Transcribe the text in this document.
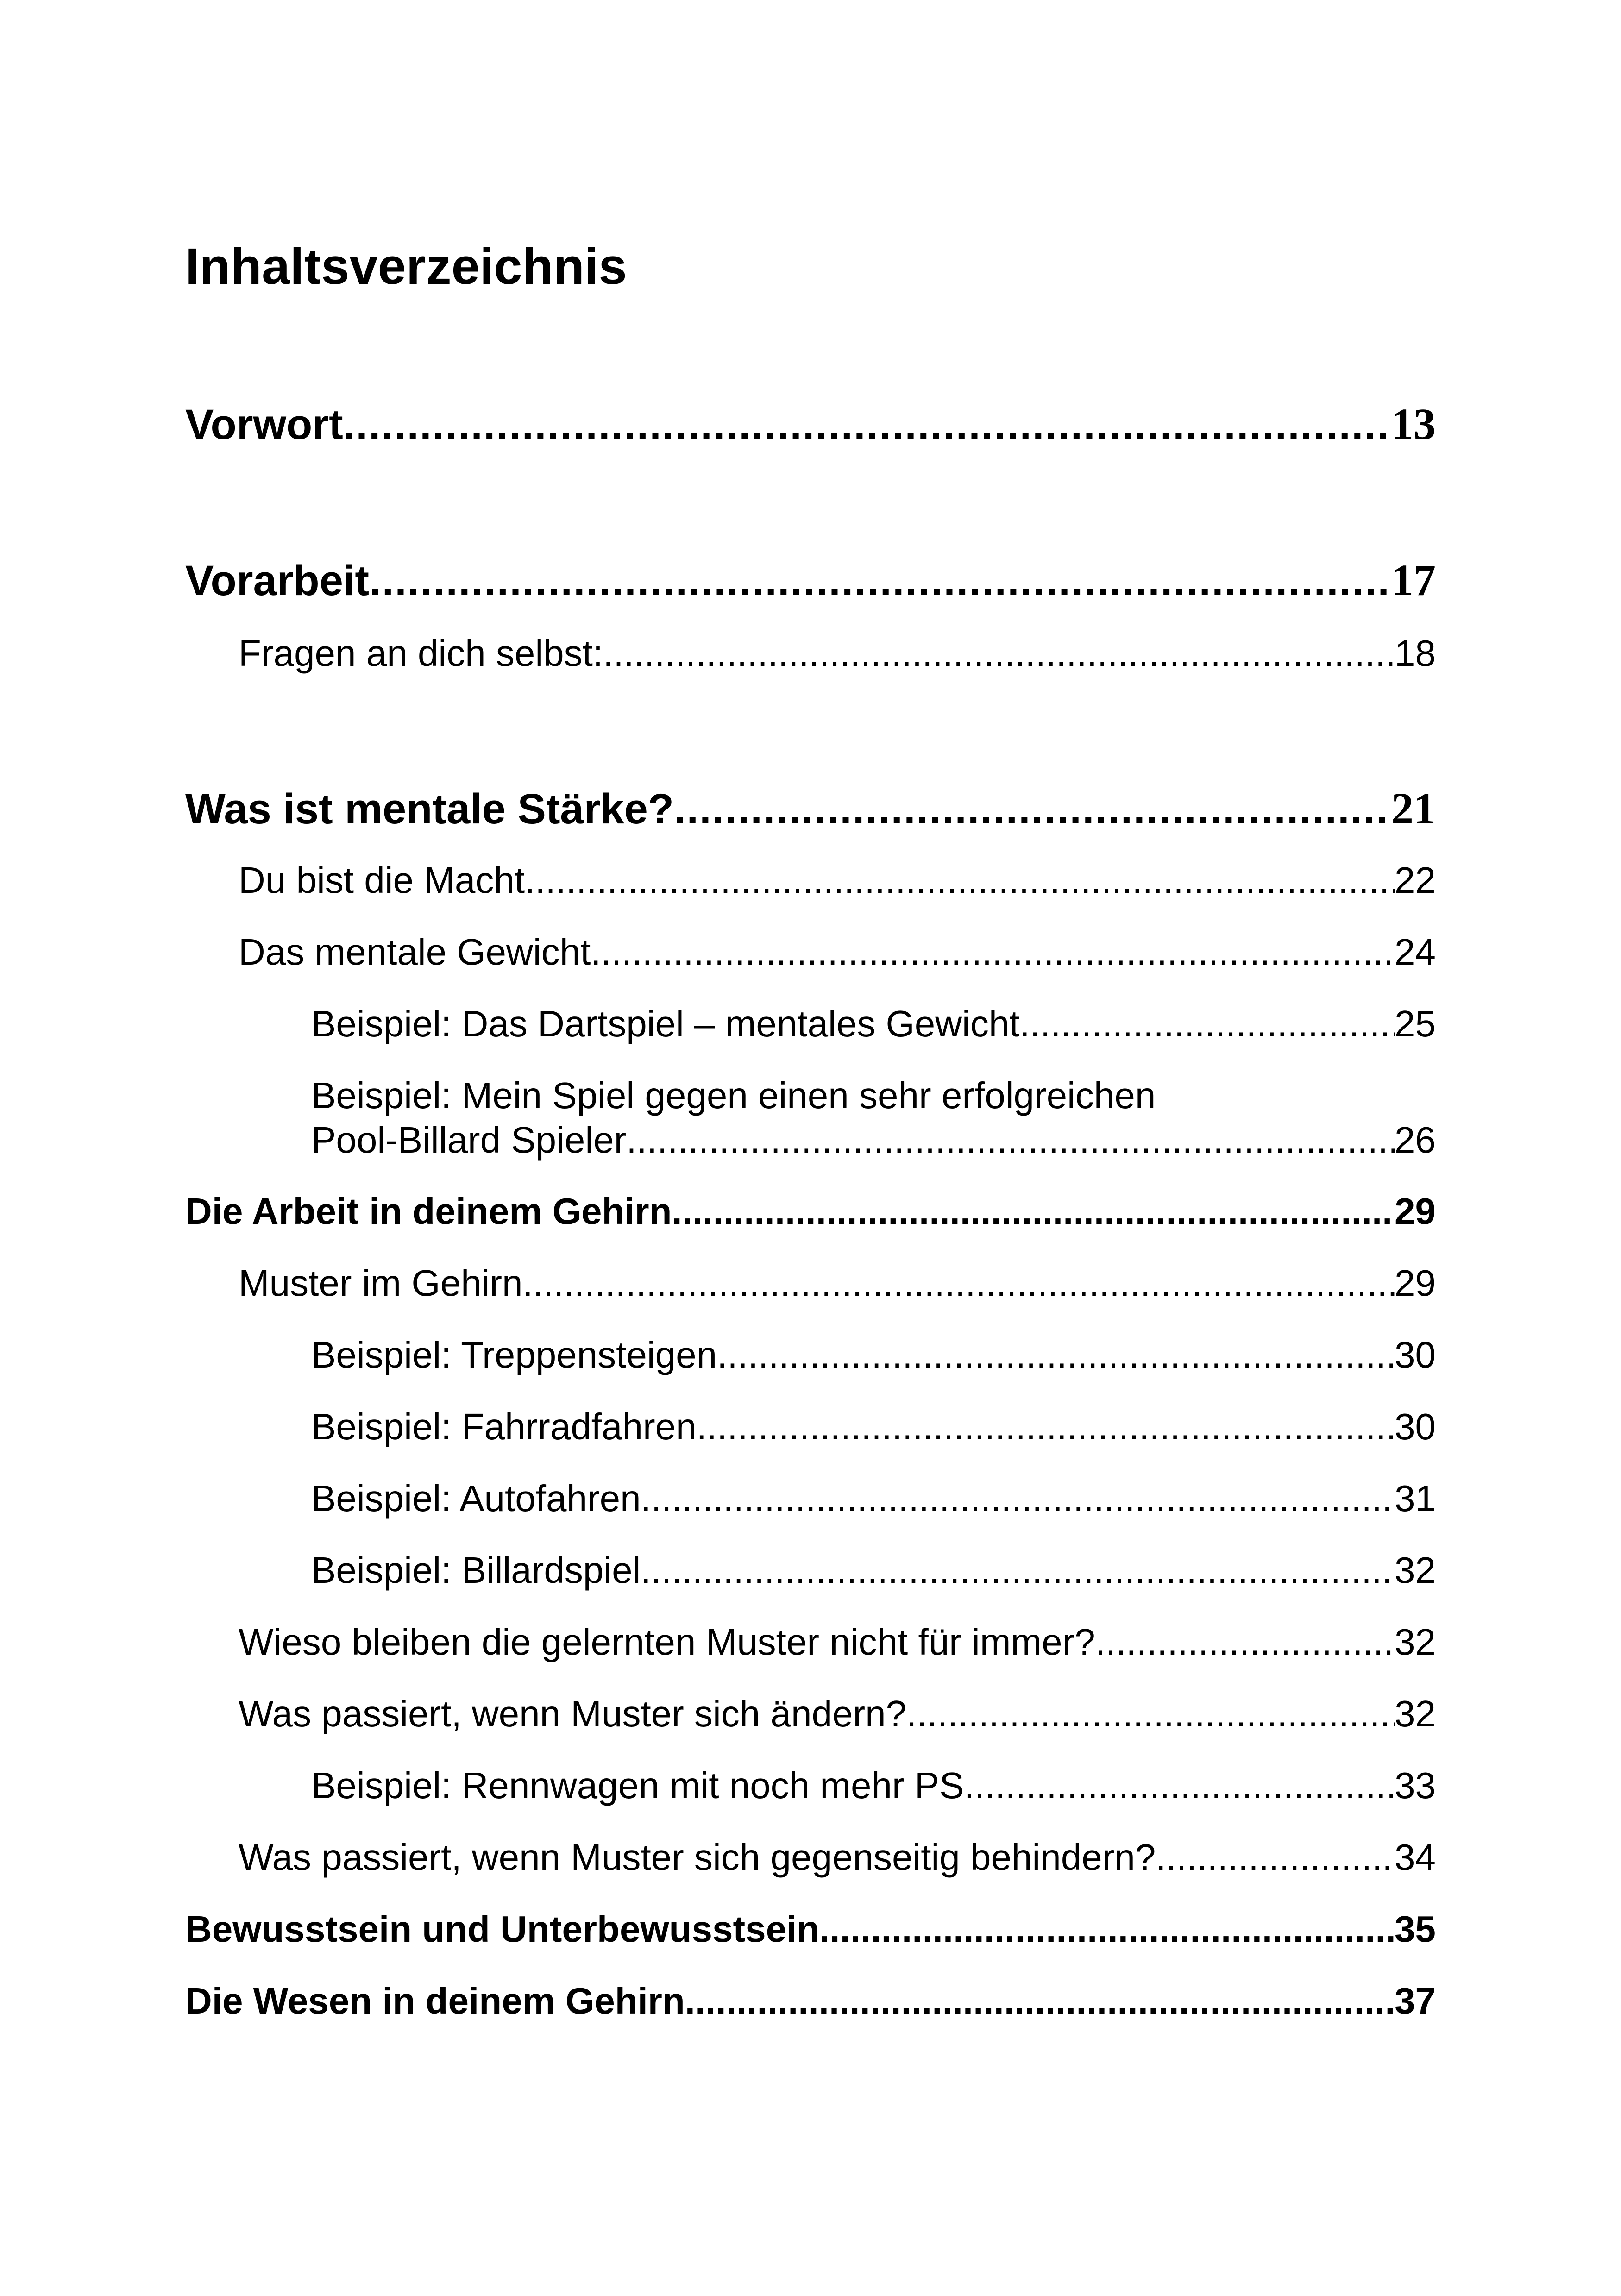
Inhaltsverzeichnis
Vorwort .....	13
Vorarbeit .....	17
Fragen an dich selbst: .....	18
Was ist mentale Stärke? .....	21
Du bist die Macht .....	22
Das mentale Gewicht .....	24
Beispiel: Das Dartspiel – mentales Gewicht .....	25
Beispiel: Mein Spiel gegen einen sehr erfolgreichen
Pool-Billard Spieler .....	26
Die Arbeit in deinem Gehirn .....	29
Muster im Gehirn .....	29
Beispiel: Treppensteigen .....	30
Beispiel: Fahrradfahren .....	30
Beispiel: Autofahren .....	31
Beispiel: Billardspiel .....	32
Wieso bleiben die gelernten Muster nicht für immer? .....	32
Was passiert, wenn Muster sich ändern? .....	32
Beispiel: Rennwagen mit noch mehr PS .....	33
Was passiert, wenn Muster sich gegenseitig behindern? .....	34
Bewusstsein und Unterbewusstsein .....	35
Die Wesen in deinem Gehirn .....	37
